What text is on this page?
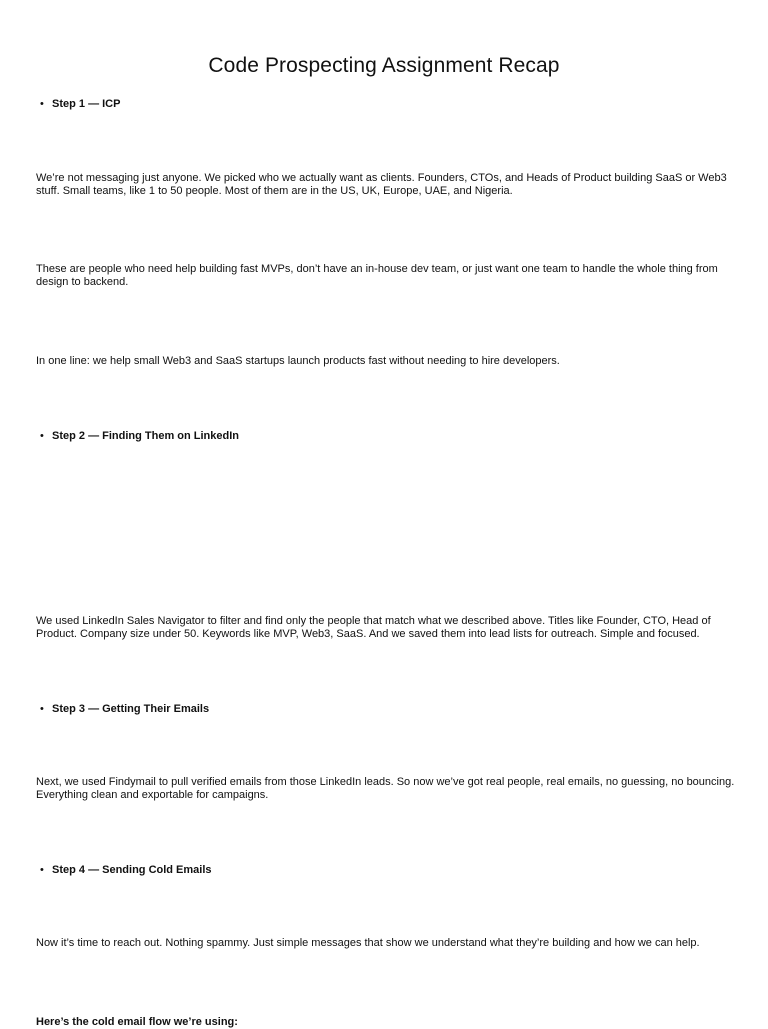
Code Prospecting Assignment Recap
• Step 1 — ICP

We’re not messaging just anyone. We picked who we actually want as clients. Founders, CTOs, and Heads of Product building SaaS or Web3 stuff. Small teams, like 1 to 50 people. Most of them are in the US, UK, Europe, UAE, and Nigeria.

These are people who need help building fast MVPs, don’t have an in-house dev team, or just want one team to handle the whole thing from design to backend.

In one line: we help small Web3 and SaaS startups launch products fast without needing to hire developers.

• Step 2 — Finding Them on LinkedIn

We used LinkedIn Sales Navigator to filter and find only the people that match what we described above. Titles like Founder, CTO, Head of Product. Company size under 50. Keywords like MVP, Web3, SaaS. And we saved them into lead lists for outreach. Simple and focused.

• Step 3 — Getting Their Emails

Next, we used Findymail to pull verified emails from those LinkedIn leads. So now we’ve got real people, real emails, no guessing, no bouncing. Everything clean and exportable for campaigns.

• Step 4 — Sending Cold Emails

Now it’s time to reach out. Nothing spammy. Just simple messages that show we understand what they’re building and how we can help.

Here’s the cold email flow we’re using:
